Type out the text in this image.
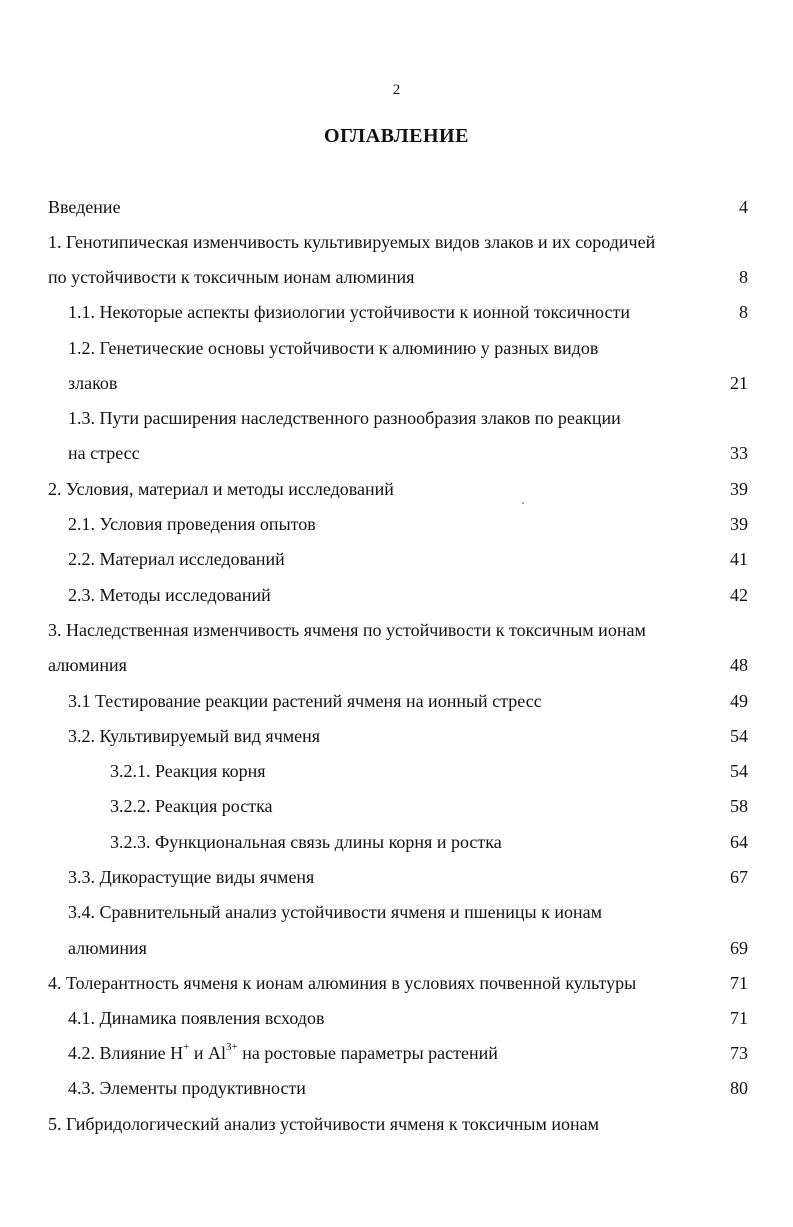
2
ОГЛАВЛЕНИЕ
Введение	4
1. Генотипическая изменчивость культивируемых видов злаков и их сородичей
по устойчивости к токсичным ионам алюминия	8
1.1. Некоторые аспекты физиологии устойчивости к ионной токсичности	8
1.2. Генетические основы устойчивости к алюминию у разных видов
злаков	21
1.3. Пути расширения наследственного разнообразия злаков по реакции
на стресс	33
2. Условия, материал и методы исследований	39
2.1. Условия проведения опытов	39
2.2. Материал исследований	41
2.3. Методы исследований	42
3. Наследственная изменчивость ячменя по устойчивости к токсичным ионам
алюминия	48
3.1 Тестирование реакции растений ячменя на ионный стресс	49
3.2. Культивируемый вид ячменя	54
3.2.1. Реакция корня	54
3.2.2. Реакция ростка	58
3.2.3. Функциональная связь длины корня и ростка	64
3.3. Дикорастущие виды ячменя	67
3.4. Сравнительный анализ устойчивости ячменя и пшеницы к ионам
алюминия	69
4. Толерантность ячменя к ионам алюминия в условиях почвенной культуры	71
4.1. Динамика появления всходов	71
4.2. Влияние Н+ и $Al^{3+}$ на ростовые параметры растений	73
4.3. Элементы продуктивности	80
5. Гибридологический анализ устойчивости ячменя к токсичным ионам
